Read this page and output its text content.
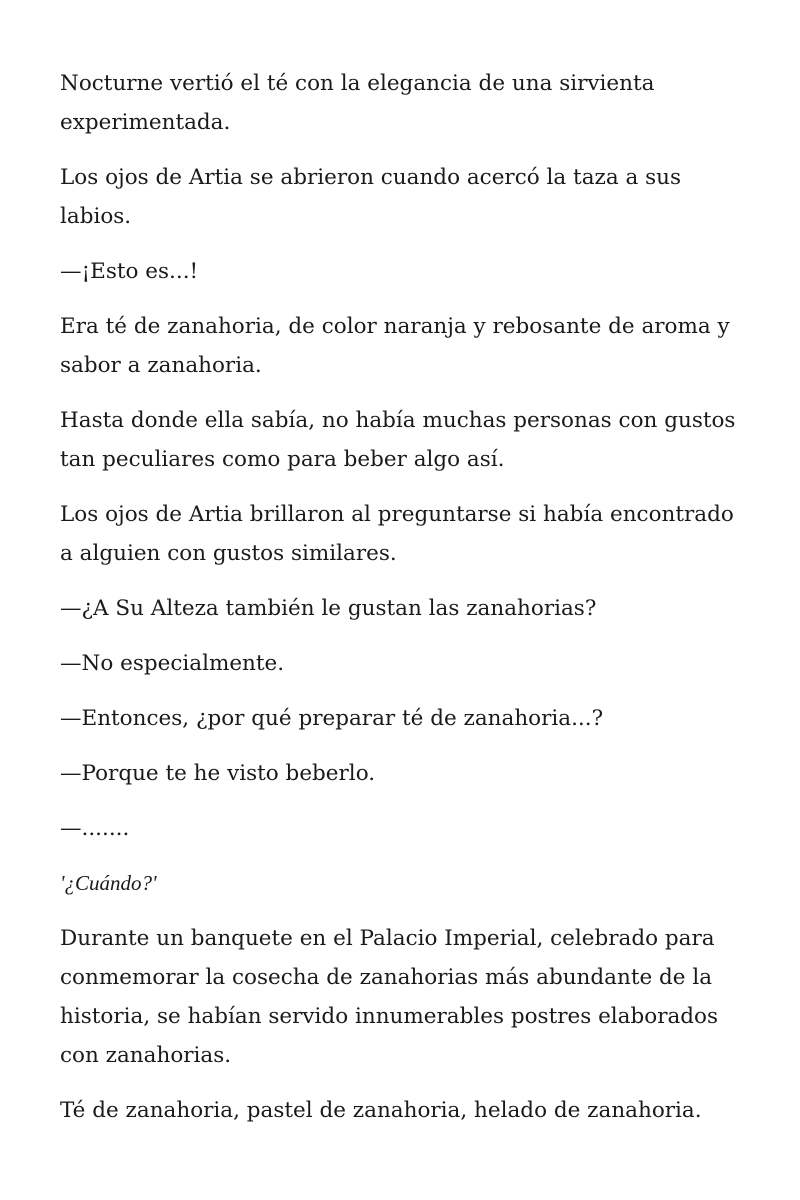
Nocturne vertió el té con la elegancia de una sirvienta experimentada.

Los ojos de Artia se abrieron cuando acercó la taza a sus labios.

—¡Esto es...!

Era té de zanahoria, de color naranja y rebosante de aroma y sabor a zanahoria.

Hasta donde ella sabía, no había muchas personas con gustos tan peculiares como para beber algo así.

Los ojos de Artia brillaron al preguntarse si había encontrado a alguien con gustos similares.

—¿A Su Alteza también le gustan las zanahorias?

—No especialmente.

—Entonces, ¿por qué preparar té de zanahoria...?

—Porque te he visto beberlo.

—.......

'¿Cuándo?'

Durante un banquete en el Palacio Imperial, celebrado para conmemorar la cosecha de zanahorias más abundante de la historia, se habían servido innumerables postres elaborados con zanahorias.

Té de zanahoria, pastel de zanahoria, helado de zanahoria.
